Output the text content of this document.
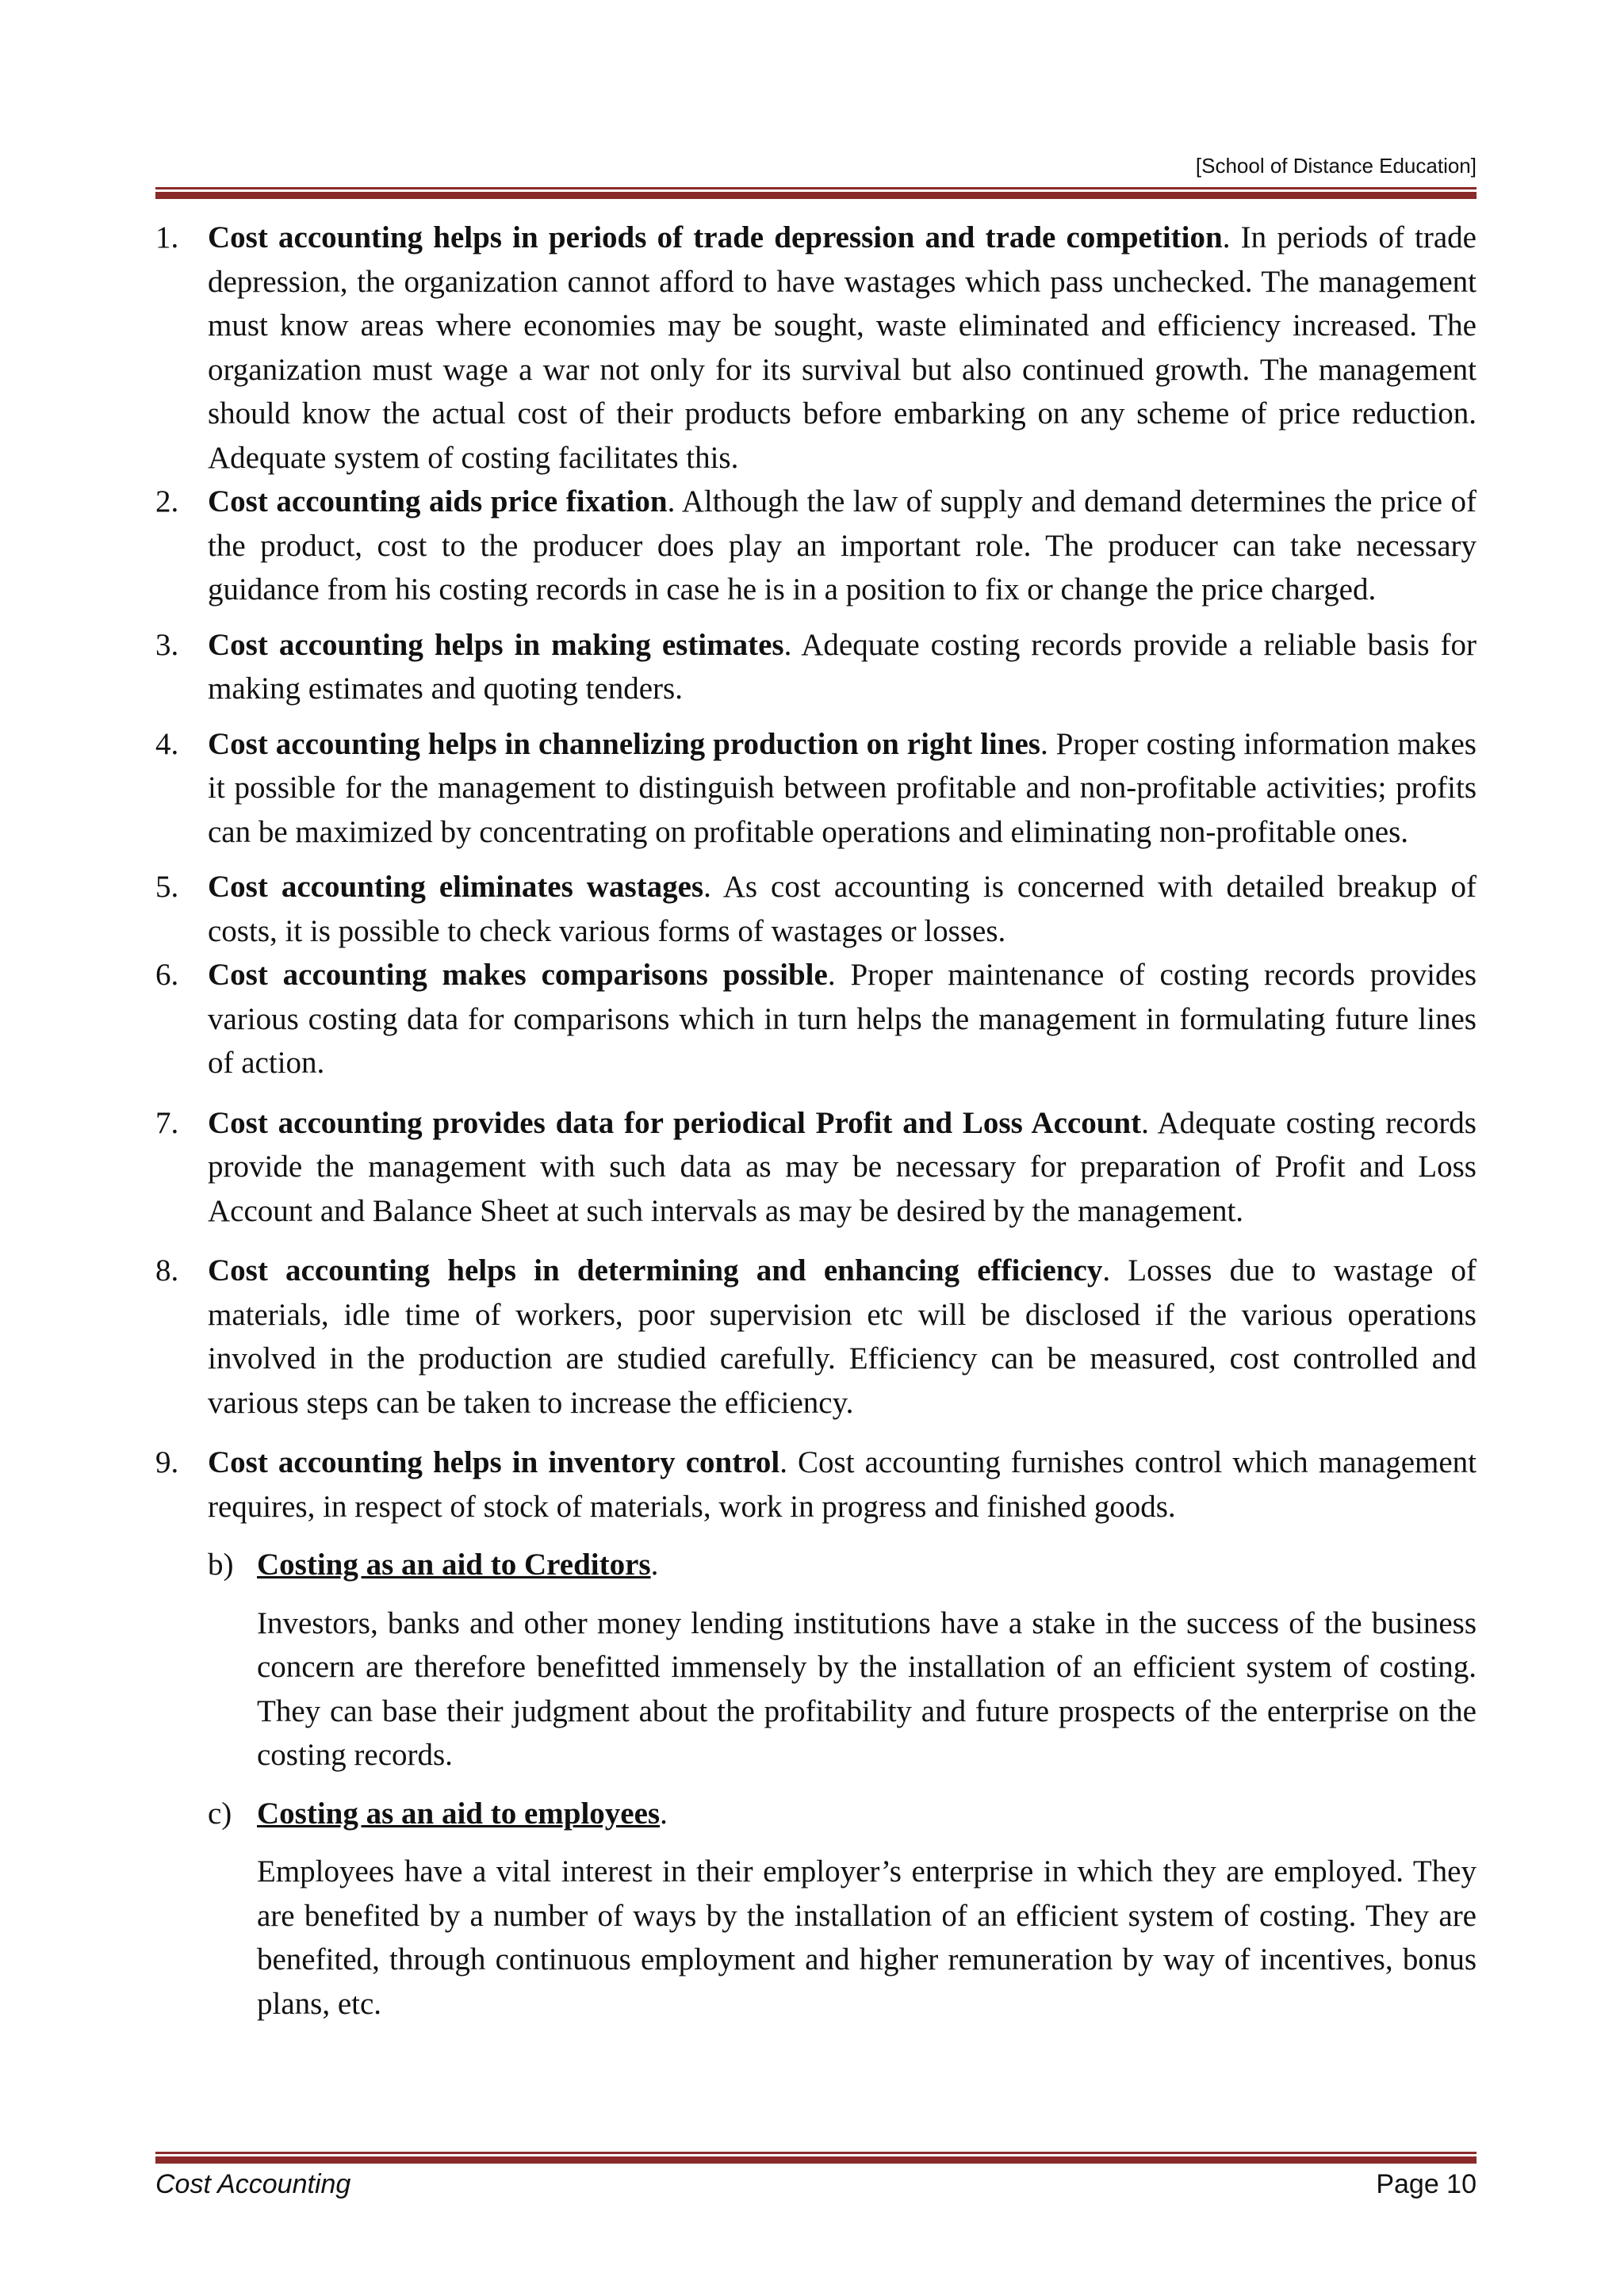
[School of Distance Education]
1. Cost accounting helps in periods of trade depression and trade competition. In periods of trade depression, the organization cannot afford to have wastages which pass unchecked. The management must know areas where economies may be sought, waste eliminated and efficiency increased. The organization must wage a war not only for its survival but also continued growth. The management should know the actual cost of their products before embarking on any scheme of price reduction. Adequate system of costing facilitates this.
2. Cost accounting aids price fixation. Although the law of supply and demand determines the price of the product, cost to the producer does play an important role. The producer can take necessary guidance from his costing records in case he is in a position to fix or change the price charged.
3. Cost accounting helps in making estimates. Adequate costing records provide a reliable basis for making estimates and quoting tenders.
4. Cost accounting helps in channelizing production on right lines. Proper costing information makes it possible for the management to distinguish between profitable and non-profitable activities; profits can be maximized by concentrating on profitable operations and eliminating non-profitable ones.
5. Cost accounting eliminates wastages. As cost accounting is concerned with detailed breakup of costs, it is possible to check various forms of wastages or losses.
6. Cost accounting makes comparisons possible. Proper maintenance of costing records provides various costing data for comparisons which in turn helps the management in formulating future lines of action.
7. Cost accounting provides data for periodical Profit and Loss Account. Adequate costing records provide the management with such data as may be necessary for preparation of Profit and Loss Account and Balance Sheet at such intervals as may be desired by the management.
8. Cost accounting helps in determining and enhancing efficiency. Losses due to wastage of materials, idle time of workers, poor supervision etc will be disclosed if the various operations involved in the production are studied carefully. Efficiency can be measured, cost controlled and various steps can be taken to increase the efficiency.
9. Cost accounting helps in inventory control. Cost accounting furnishes control which management requires, in respect of stock of materials, work in progress and finished goods.
b) Costing as an aid to Creditors.
Investors, banks and other money lending institutions have a stake in the success of the business concern are therefore benefitted immensely by the installation of an efficient system of costing. They can base their judgment about the profitability and future prospects of the enterprise on the costing records.
c) Costing as an aid to employees.
Employees have a vital interest in their employer’s enterprise in which they are employed. They are benefited by a number of ways by the installation of an efficient system of costing. They are benefited, through continuous employment and higher remuneration by way of incentives, bonus plans, etc.
Cost Accounting	Page 10
